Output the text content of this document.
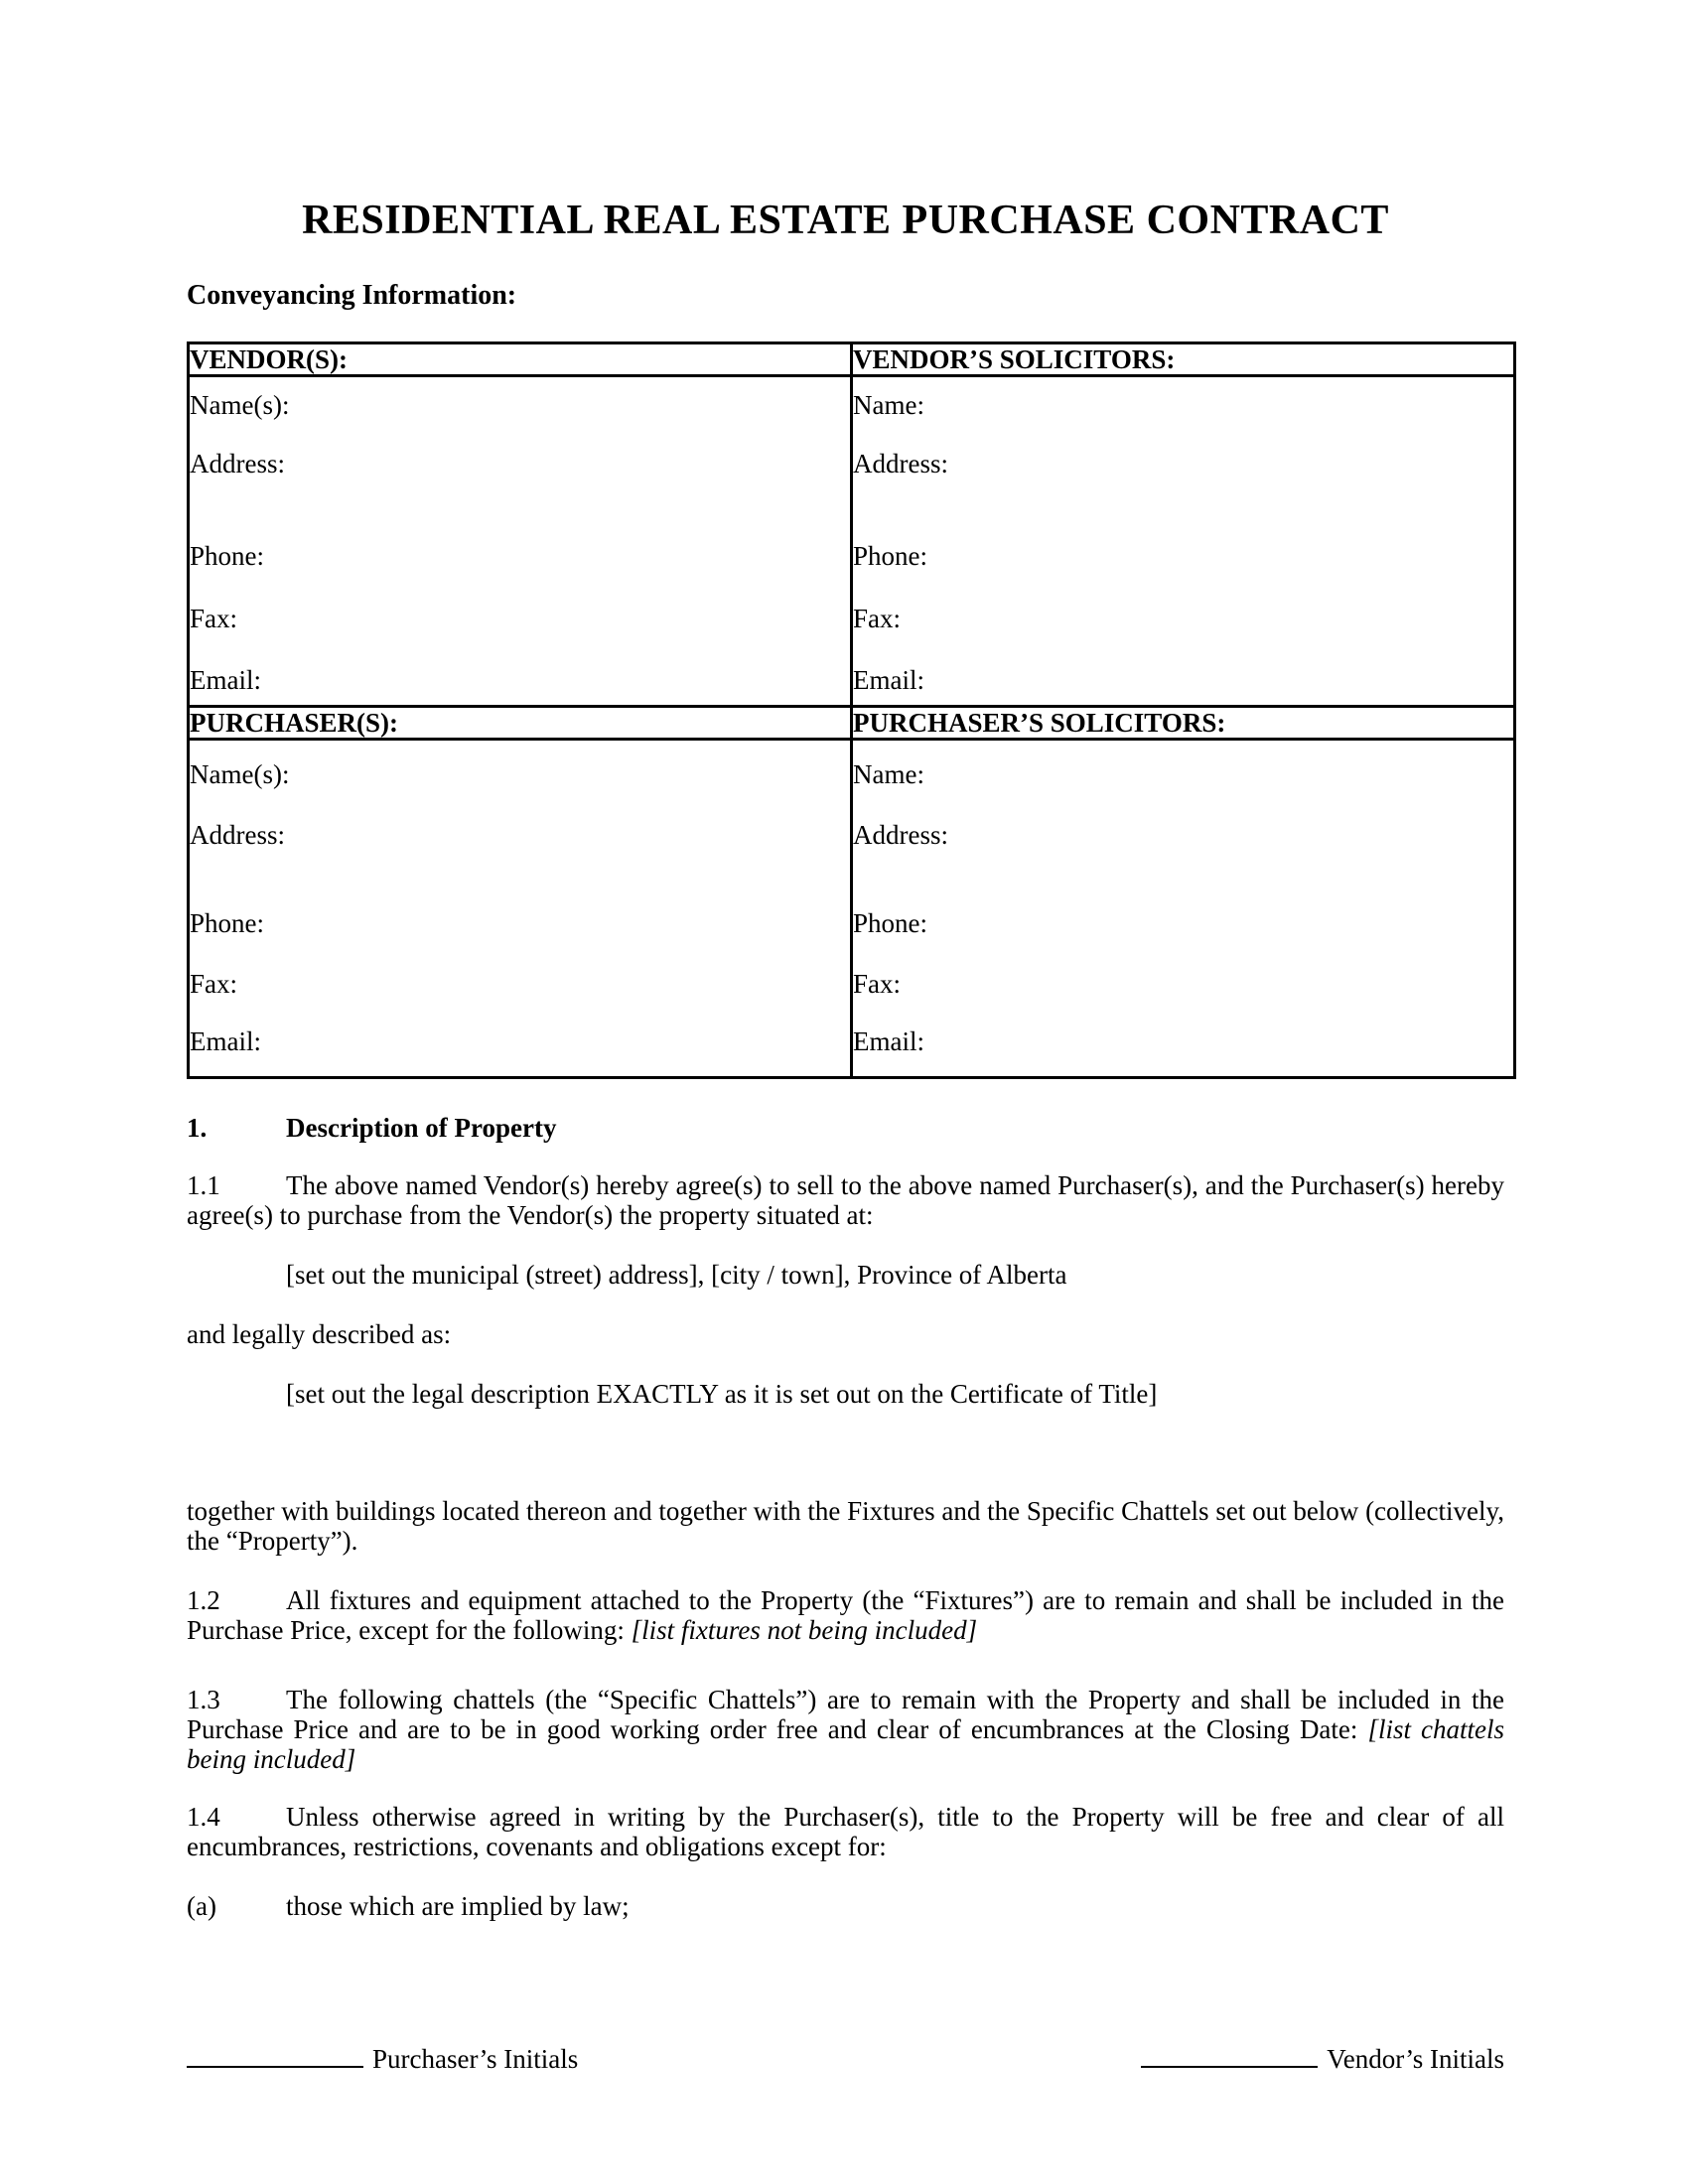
RESIDENTIAL REAL ESTATE PURCHASE CONTRACT
Conveyancing Information:
VENDOR(S):	VENDOR’S SOLICITORS:

Name(s):
Address:
Phone:
Fax:
Email:

Name:
Address:
Phone:
Fax:
Email:

PURCHASER(S):	PURCHASER’S SOLICITORS:

Name(s):
Address:
Phone:
Fax:
Email:

Name:
Address:
Phone:
Fax:
Email:
1.	Description of Property

1.1 The above named Vendor(s) hereby agree(s) to sell to the above named Purchaser(s), and the Purchaser(s) hereby agree(s) to purchase from the Vendor(s) the property situated at:

[set out the municipal (street) address], [city / town], Province of Alberta

and legally described as:

[set out the legal description EXACTLY as it is set out on the Certificate of Title]

together with buildings located thereon and together with the Fixtures and the Specific Chattels set out below (collectively, the “Property”).

1.2 All fixtures and equipment attached to the Property (the “Fixtures”) are to remain and shall be included in the Purchase Price, except for the following: [list fixtures not being included]

1.3 The following chattels (the “Specific Chattels”) are to remain with the Property and shall be included in the Purchase Price and are to be in good working order free and clear of encumbrances at the Closing Date: [list chattels being included]

1.4 Unless otherwise agreed in writing by the Purchaser(s), title to the Property will be free and clear of all encumbrances, restrictions, covenants and obligations except for:

(a)	those which are implied by law;

Purchaser’s Initials	Vendor’s Initials
